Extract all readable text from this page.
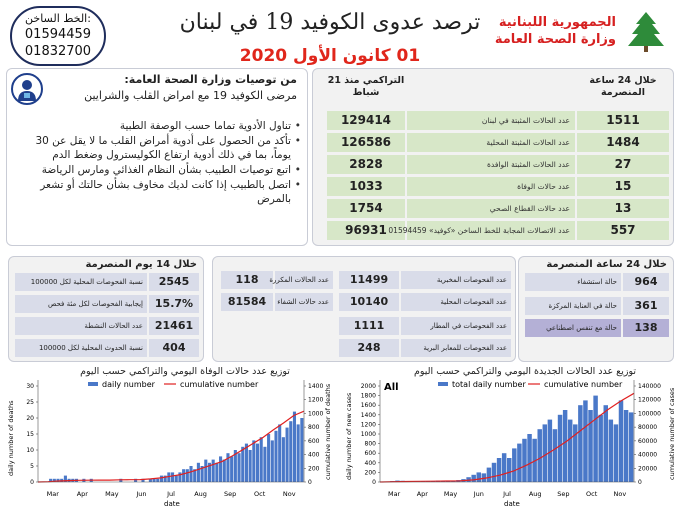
الخط الساخن:
01594459
01832700
ترصد عدوى الكوفيد 19 في لبنان
01 كانون الأول 2020
الجمهورية اللبنانية
وزارة الصحة العامة
من توصيات وزارة الصحة العامة:
مرضى الكوفيد 19 مع امراض القلب والشرايين
• تناول الأدوية تماما حسب الوصفة الطبية
• تأكد من الحصول على أدوية أمراض القلب ما لا يقل عن 30 يوماً، بما في ذلك أدوية ارتفاع الكوليسترول وضغط الدم
• اتبع توصيات الطبيب بشأن النظام الغذائي ومارس الرياضة
• اتصل بالطبيب إذا كانت لديك مخاوف بشأن حالتك أو تشعر بالمرض
خلال 24 ساعة المنصرمة
التراكمي منذ 21 شباط
129414	عدد الحالات المثبتة في لبنان	1511
126586	عدد الحالات المثبتة المحلية	1484
2828	عدد الحالات المثبتة الوافدة	27
1033	عدد حالات الوفاة	15
1754	عدد حالات القطاع الصحي	13
96931 عدد الاتصالات المجابة للخط الساخن «كوفيد» 01594459	557
خلال 14 يوم المنصرمة
2545
نسبة الفحوصات المحلية لكل 100000
15.7%
إيجابية الفحوصات لكل مئة فحص
21461
عدد الحالات النشطة
404
نسبة الحدوث المحلية لكل 100000
118	عدد الحالات المكررة
81584	عدد حالات الشفاء
11499	عدد الفحوصات المخبرية
10140	عدد الفحوصات المحلية
1111	عدد الفحوصات في المطار
248	عدد الفحوصات للمعابر البرية
خلال 24 ساعة المنصرمة
964
حالة استشفاء
361
حالة في العناية المركزة
138
حالة مع تنفس اصطناعي
توزيع عدد حالات الوفاة اليومي والتراكمي حسب اليوم	توزيع عدد الحالات الجديدة اليومي والتراكمي حسب اليوم
0
5
10
15
20
25
30
0
200
400
600
800
1000
1200
1400
Mar	Apr	May	Jun	Jul	Aug	Sep	Oct	Nov
daily number	cumulative number
daily number of deaths	cumulative number of deaths
date
0
200
400
600
800
1000
1200
1400
1600
1800
2000
0
20000
40000
60000
80000
100000
120000
140000
Mar	Apr May	Jun	Jul	Aug Sep	Oct	Nov
All	total daily number cumulative number
daily number of new cases	cumulative number of cases
date
